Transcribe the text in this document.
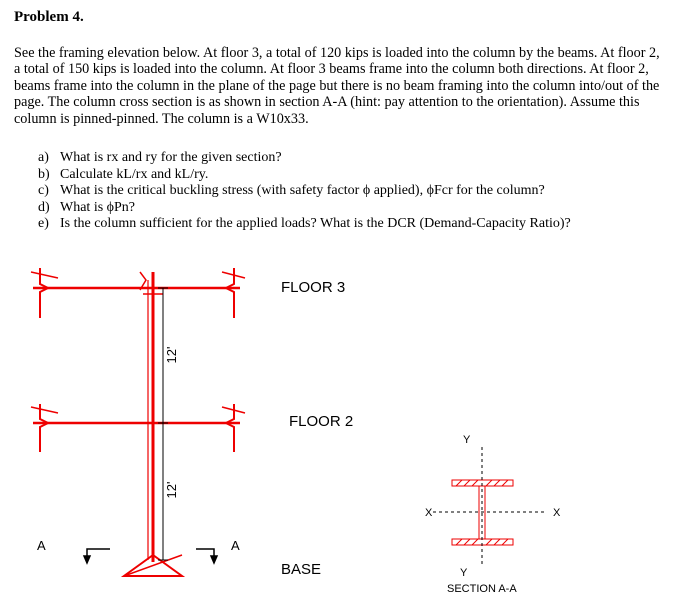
Problem 4.

See the framing elevation below. At floor 3, a total of 120 kips is loaded into the column by the beams. At floor 2, a total of 150 kips is loaded into the column. At floor 3 beams frame into the column both directions. At floor 2, beams frame into the column in the plane of the page but there is no beam framing into the column into/out of the page. The column cross section is as shown in section A-A (hint: pay attention to the orientation). Assume this column is pinned-pinned. The column is a W10x33.

a) What is rx and ry for the given section?
b) Calculate kL/rx and kL/ry.
c) What is the critical buckling stress (with safety factor ϕ applied), ϕFcr for the column?
d) What is ϕPn?
e) Is the column sufficient for the applied loads? What is the DCR (Demand-Capacity Ratio)?
FLOOR 3
FLOOR 2
BASE
12'
12'
A	A
Y
Y
X	X
SECTION A-A
